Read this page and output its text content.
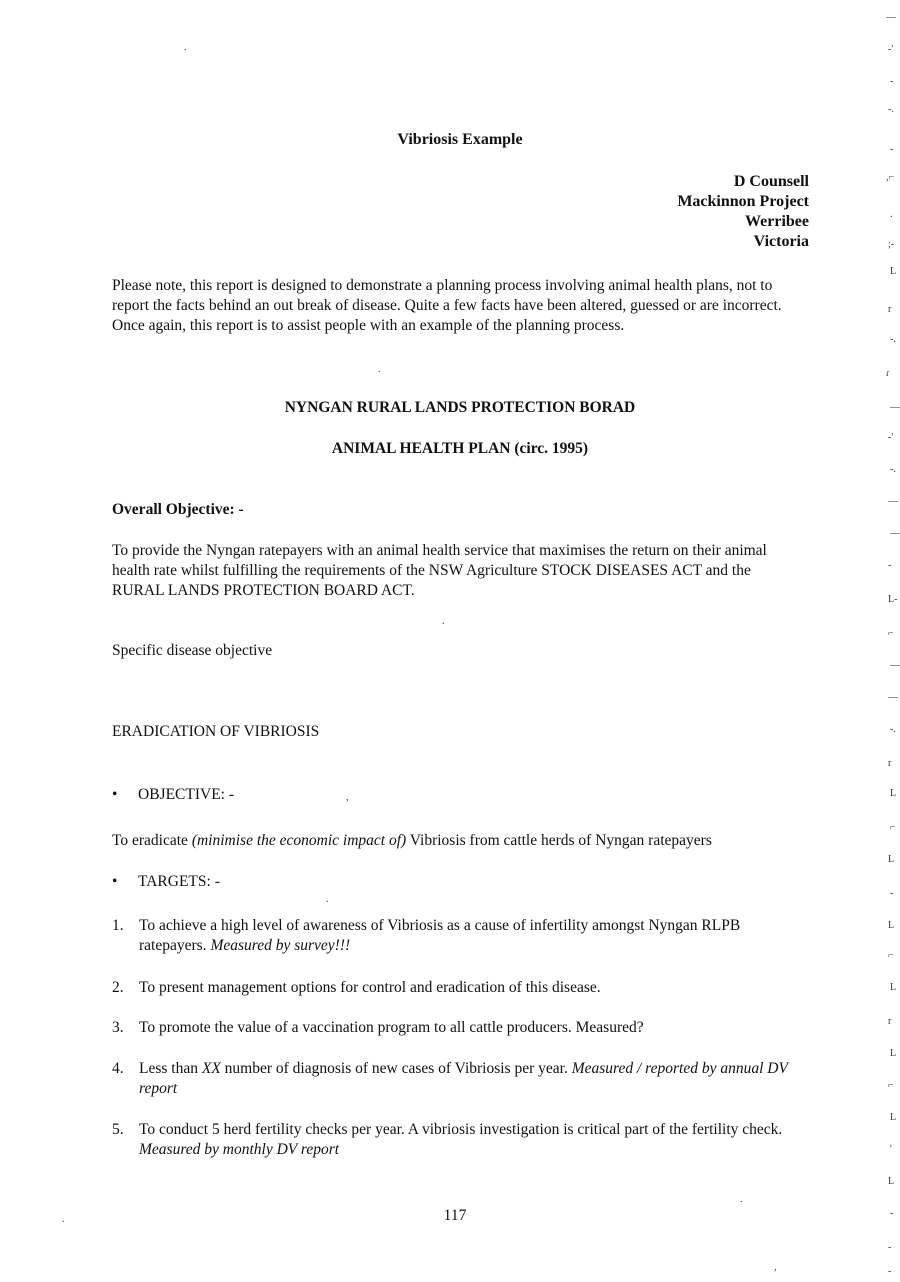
Vibriosis Example
D Counsell
Mackinnon Project
Werribee
Victoria
Please note, this report is designed to demonstrate a planning process involving animal health plans, not to report the facts behind an out break of disease. Quite a few facts have been altered, guessed or are incorrect. Once again, this report is to assist people with an example of the planning process.
NYNGAN RURAL LANDS PROTECTION BORAD
ANIMAL HEALTH PLAN (circ. 1995)
Overall Objective: -
To provide the Nyngan ratepayers with an animal health service that maximises the return on their animal health rate whilst fulfilling the requirements of the NSW Agriculture STOCK DISEASES ACT and the RURAL LANDS PROTECTION BOARD ACT.
Specific disease objective
ERADICATION OF VIBRIOSIS
• OBJECTIVE: -
To eradicate (minimise the economic impact of) Vibriosis from cattle herds of Nyngan ratepayers
• TARGETS: -
1. To achieve a high level of awareness of Vibriosis as a cause of infertility amongst Nyngan RLPB ratepayers. Measured by survey!!!
2. To present management options for control and eradication of this disease.
3. To promote the value of a vaccination program to all cattle producers. Measured?
4. Less than XX number of diagnosis of new cases of Vibriosis per year. Measured / reported by annual DV report
5. To conduct 5 herd fertility checks per year. A vibriosis investigation is critical part of the fertility check. Measured by monthly DV report
117
—
-'
-
-.
-
,⌐
.
;-
L
r
-.
ɾ
—
-'
-.
—
—
-
L-
⌐
—
—
-.
r
L
⌐
L
-
L
⌐
L
r
L
⌐
L
'
L
-
-
-
.
.
.
,
.
.
.
,
